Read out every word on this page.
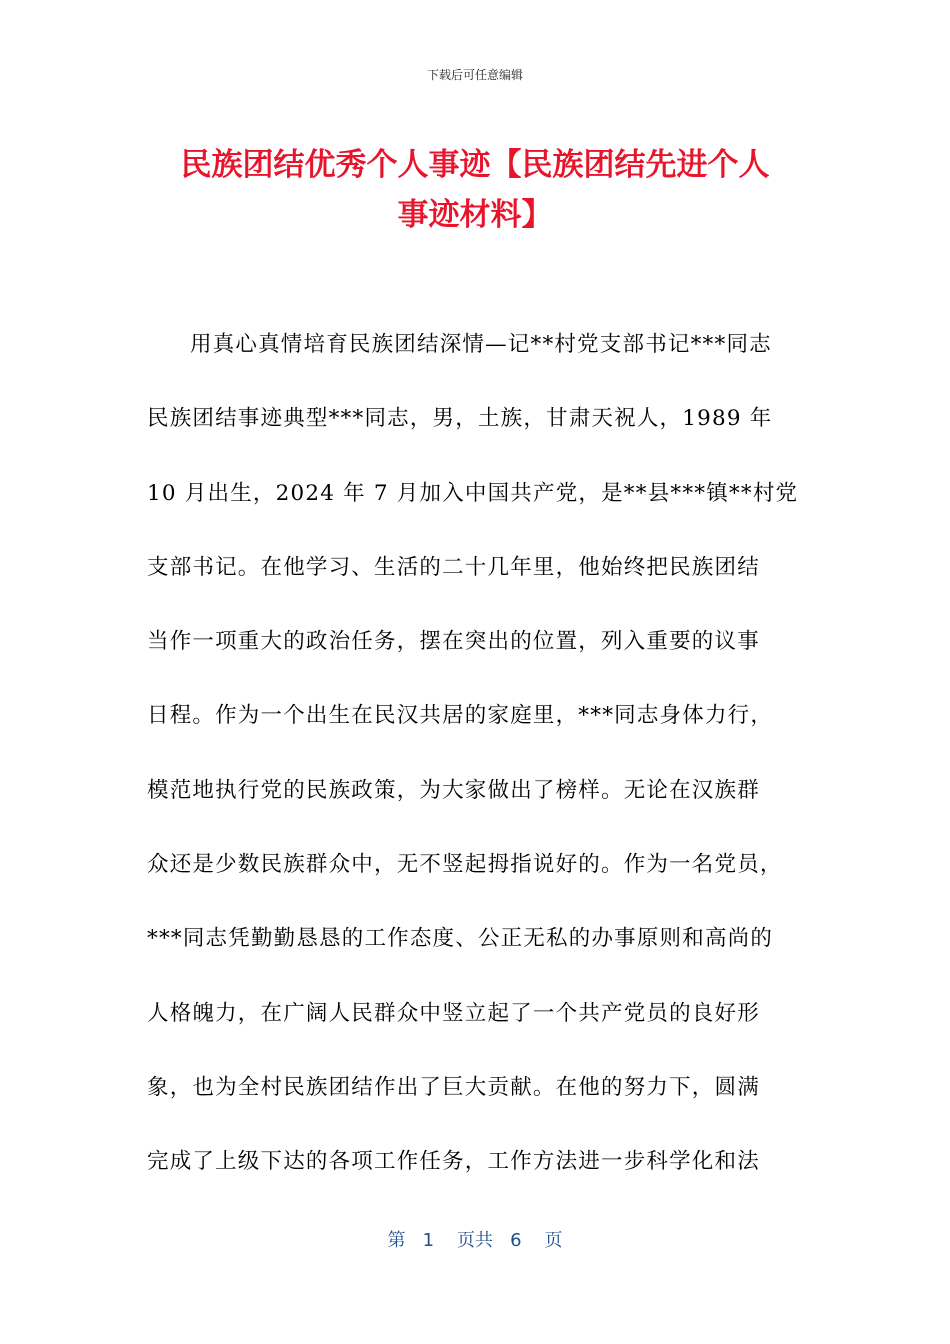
下载后可任意编辑
民族团结优秀个人事迹【民族团结先进个人
事迹材料】
用真心真情培育民族团结深情—记**村党支部书记***同志
民族团结事迹典型***同志，男，土族，甘肃天祝人，1989 年
10 月出生，2024 年 7 月加入中国共产党，是**县***镇**村党
支部书记。在他学习、生活的二十几年里，他始终把民族团结
当作一项重大的政治任务，摆在突出的位置，列入重要的议事
日程。作为一个出生在民汉共居的家庭里，***同志身体力行，
模范地执行党的民族政策，为大家做出了榜样。无论在汉族群
众还是少数民族群众中，无不竖起拇指说好的。作为一名党员，
***同志凭勤勤恳恳的工作态度、公正无私的办事原则和高尚的
人格魄力，在广阔人民群众中竖立起了一个共产党员的良好形
象，也为全村民族团结作出了巨大贡献。在他的努力下，圆满
完成了上级下达的各项工作任务，工作方法进一步科学化和法
第 1 页共 6 页
